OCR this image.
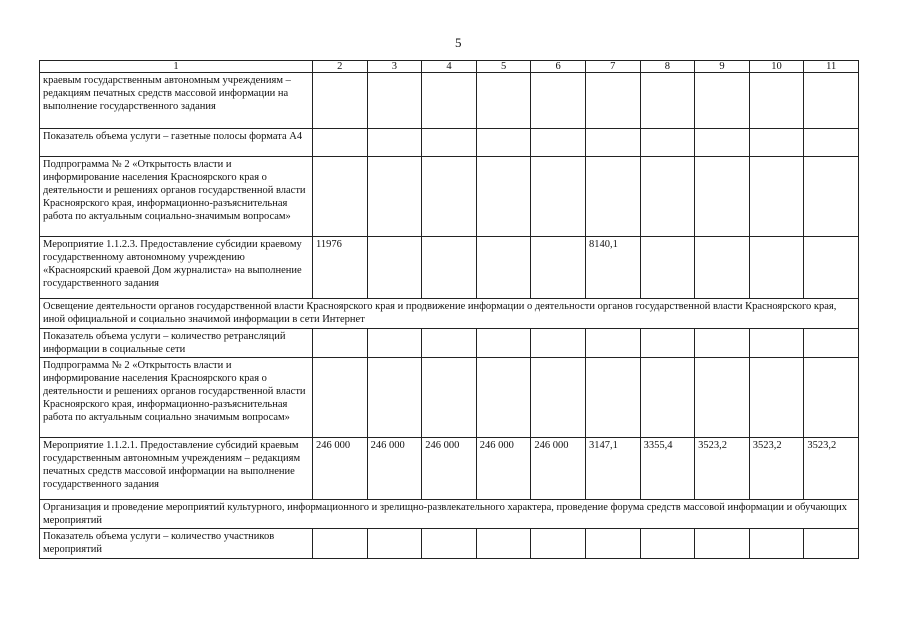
5
1	2	3	4	5	6	7	8	9	10	11
краевым государственным автономным учреждениям – редакциям печатных средств массовой информации на выполнение государственного задания										
Показатель объема услуги – газетные полосы формата А4										
Подпрограмма № 2 «Открытость власти и информирование населения Красноярского края о деятельности и решениях органов государственной власти Красноярского края, информационно-разъяснительная работа по актуальным социально-значимым вопросам»										
Мероприятие 1.1.2.3. Предоставление субсидии краевому государственному автономному учреждению «Красноярский краевой Дом журналиста» на выполнение государственного задания	11976					8140,1				
Освещение деятельности органов государственной власти Красноярского края и продвижение информации о деятельности органов государственной власти Красноярского края, иной официальной и социально значимой информации в сети Интернет										
Показатель объема услуги – количество ретрансляций информации в социальные сети										
Подпрограмма № 2 «Открытость власти и информирование населения Красноярского края о деятельности и решениях органов государственной власти Красноярского края, информационно-разъяснительная работа по актуальным социально значимым вопросам»										
Мероприятие 1.1.2.1. Предоставление субсидий краевым государственным автономным учреждениям – редакциям печатных средств массовой информации на выполнение государственного задания	246 000	246 000	246 000	246 000	246 000	3147,1	3355,4	3523,2	3523,2	3523,2
Организация и проведение мероприятий культурного, информационного и зрелищно-развлекательного характера, проведение форума средств массовой информации и обучающих мероприятий										
Показатель объема услуги – количество участников мероприятий										
